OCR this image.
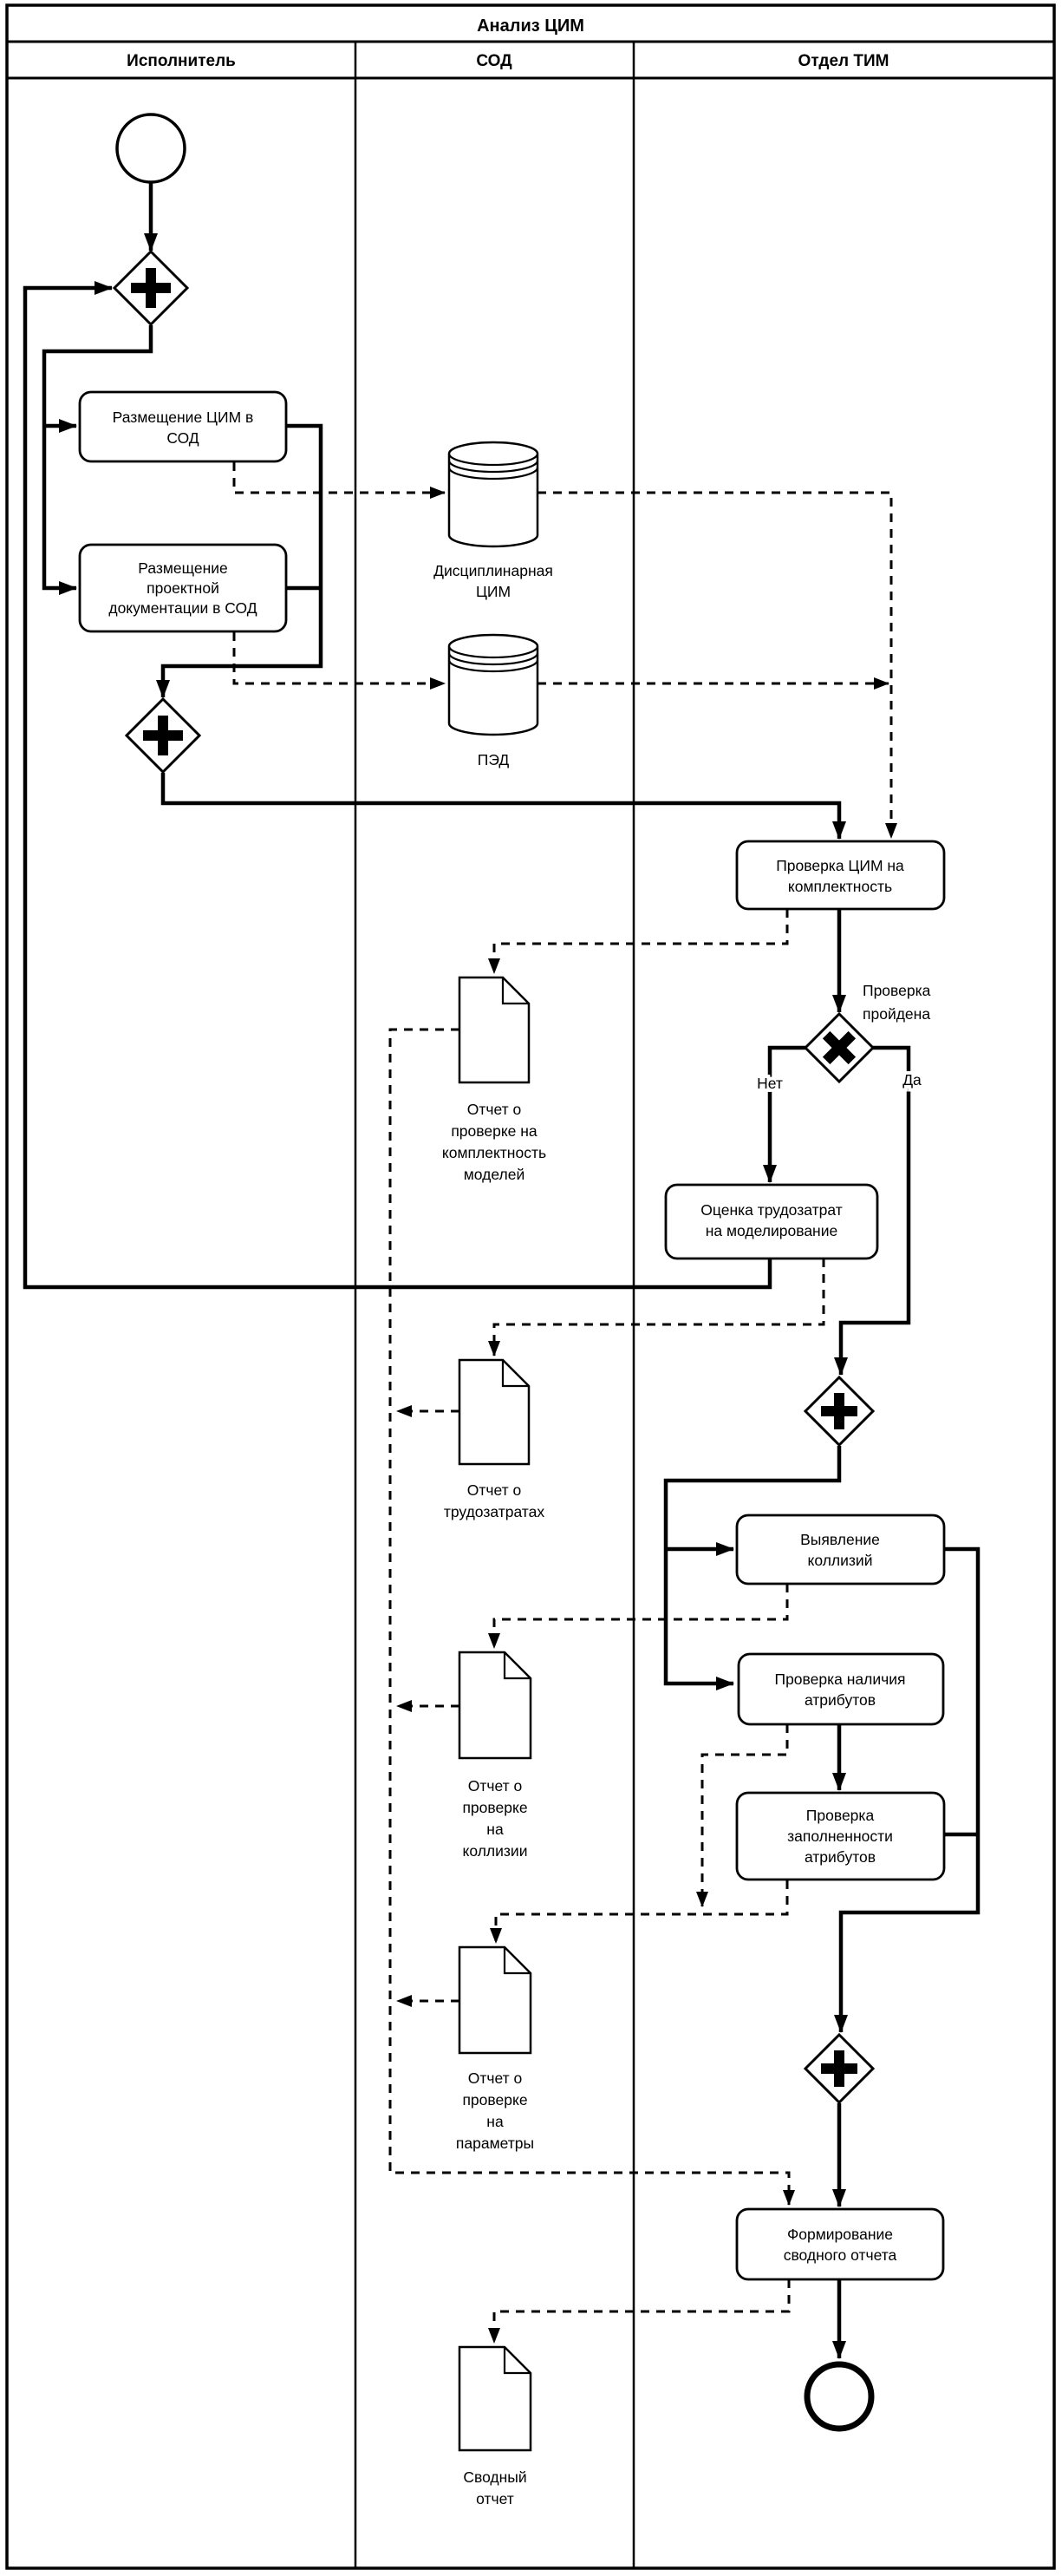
Анализ ЦИМ
Исполнитель	СОД	Отдел ТИМ
Размещение ЦИМ в
СОД
Размещение
проектной
документации в СОД
Проверка ЦИМ на
комплектность
Оценка трудозатрат
на моделирование
Выявление
коллизий
Проверка наличия
атрибутов
Проверка
заполненности
атрибутов
Формирование
сводного отчета
Дисциплинарная
ЦИМ
ПЭД
Отчет о
проверке на
комплектность
моделей
Отчет о
трудозатратах
Отчет о
проверке
на
коллизии
Отчет о
проверке
на
параметры
Сводный
отчет
Проверка
пройдена
Нет	Да
